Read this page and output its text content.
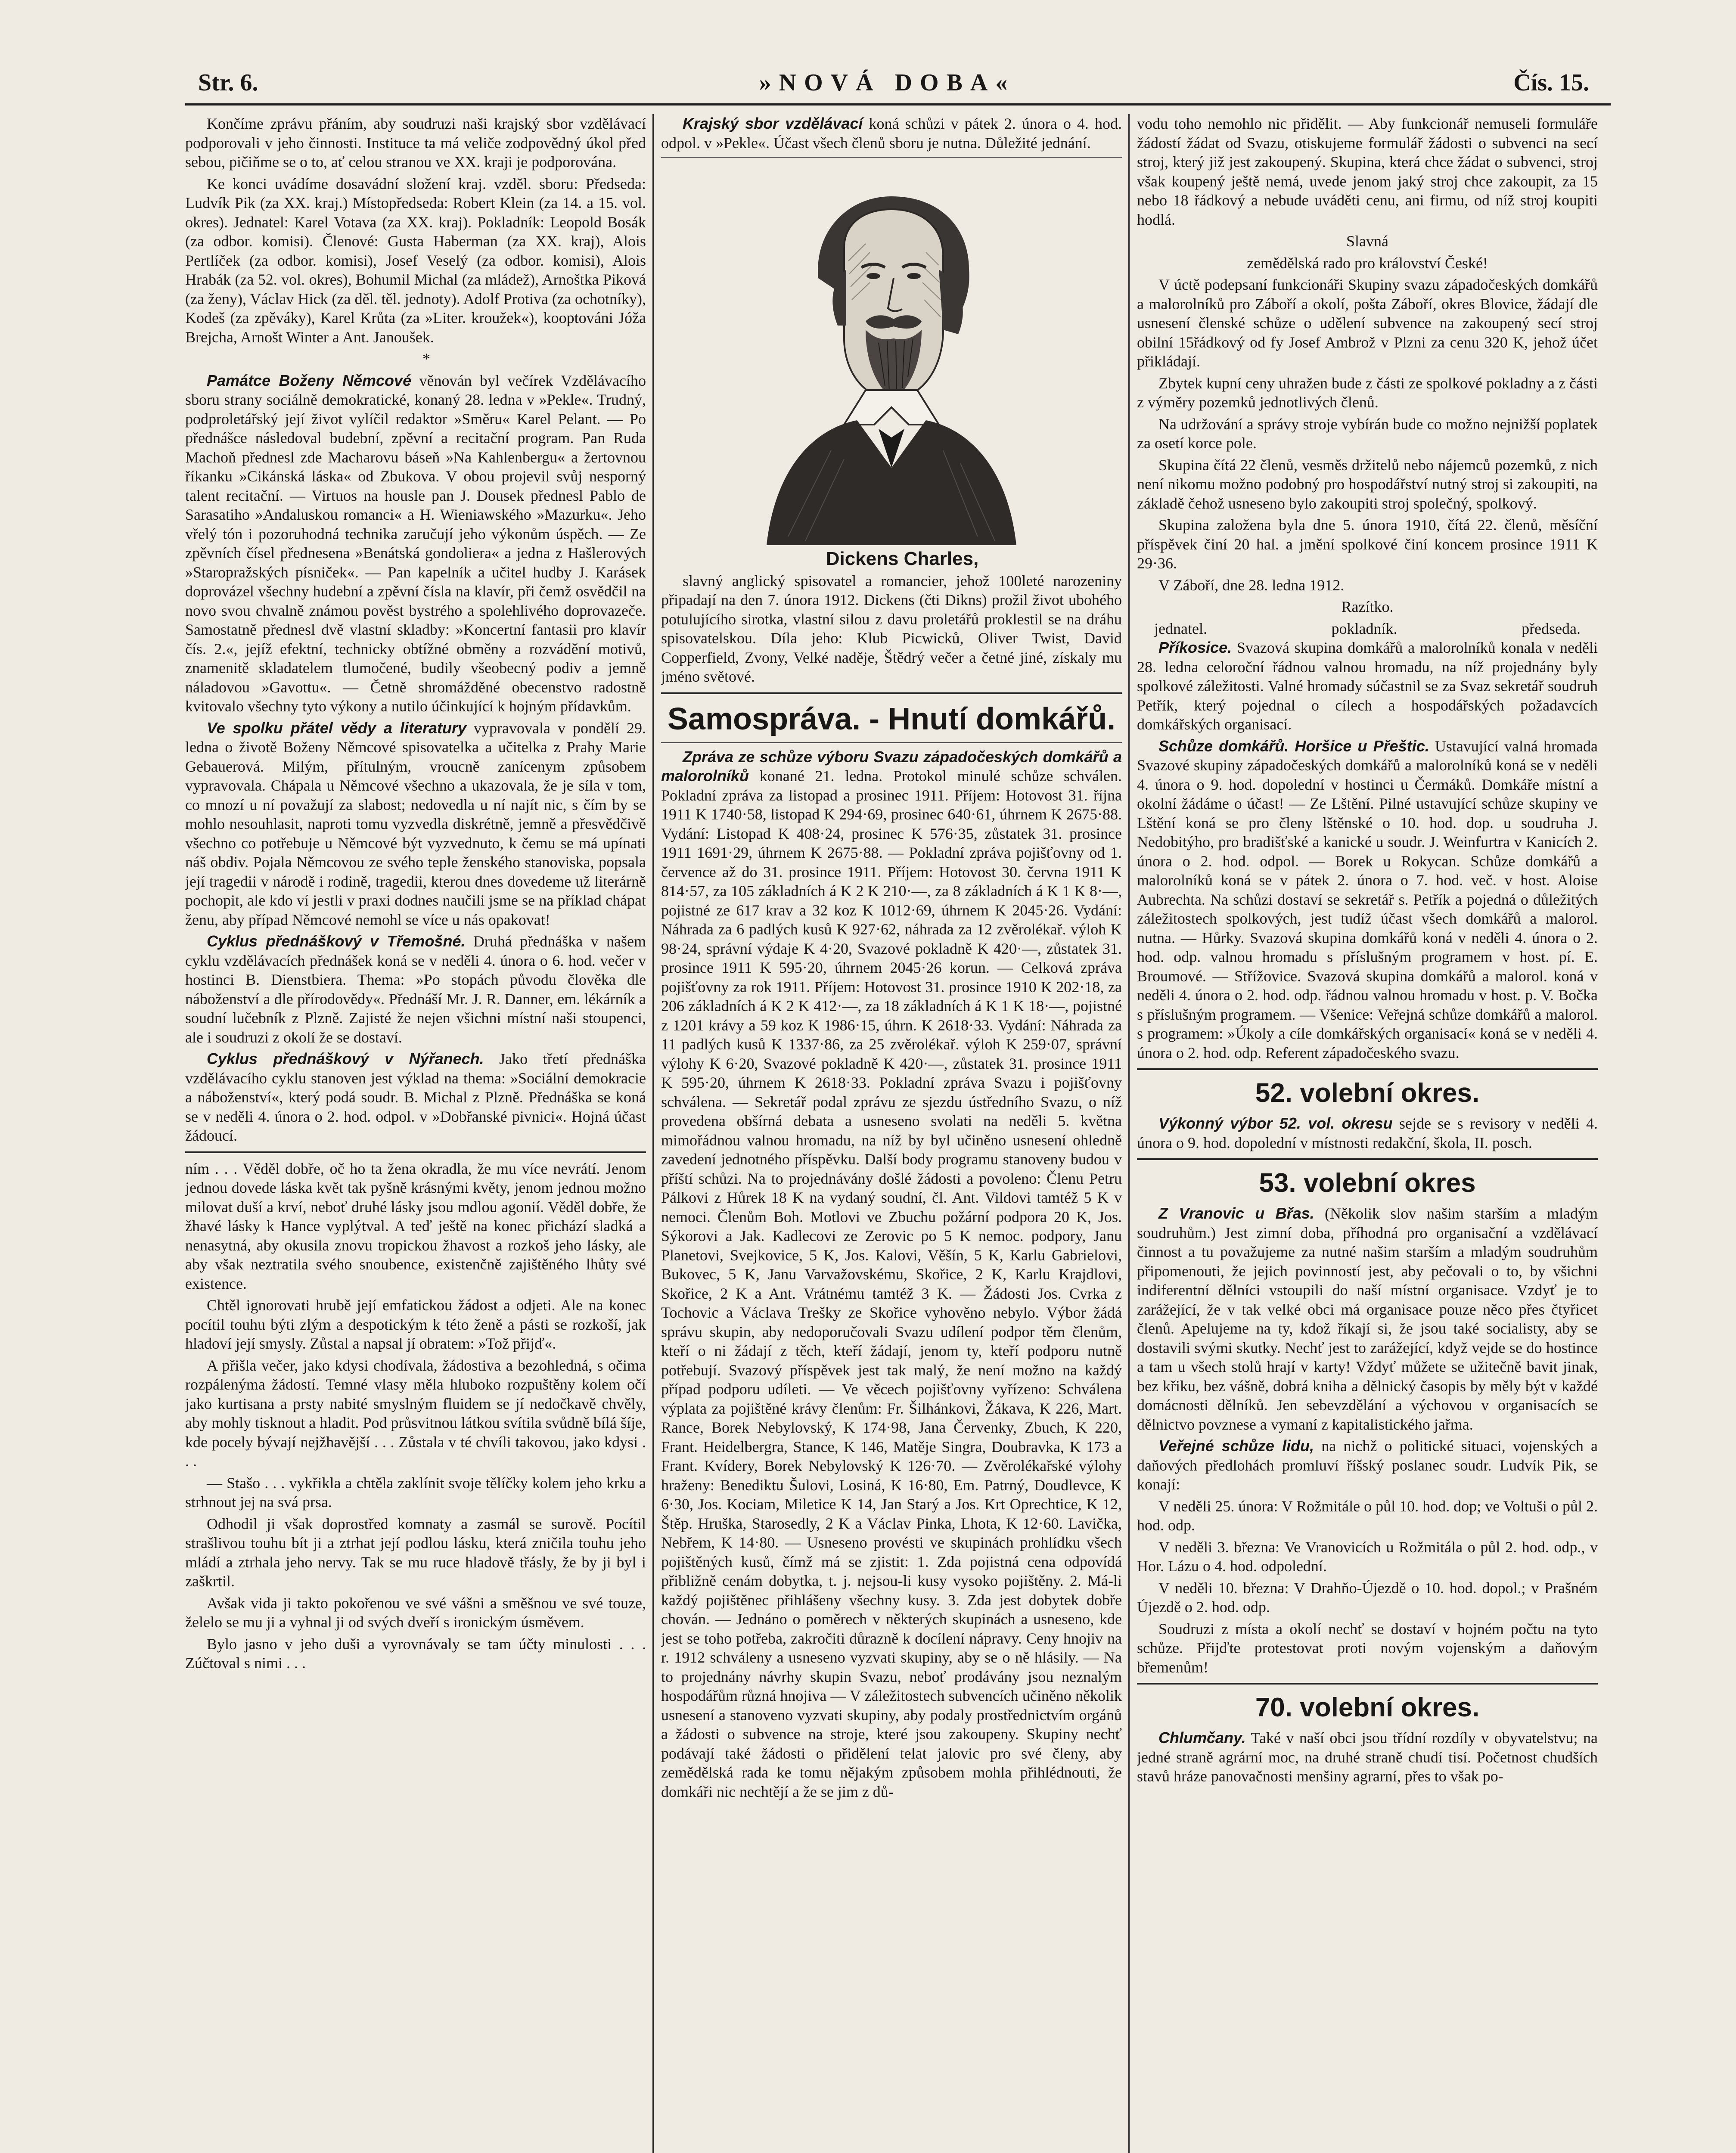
Str. 6.	»NOVÁ DOBA«	Čís. 15.

Končíme zprávu přáním, aby soudruzi naši krajský sbor vzdělávací podporovali v jeho činnosti. Instituce ta má veliče zodpovědný úkol před sebou, pičiňme se o to, ať celou stranou ve XX. kraji je podporována.

Ke konci uvádíme dosavádní složení kraj. vzděl. sboru: Předseda: Ludvík Pik (za XX. kraj.) Místopředseda: Robert Klein (za 14. a 15. vol. okres). Jednatel: Karel Votava (za XX. kraj). Pokladník: Leopold Bosák (za odbor. komisi). Členové: Gusta Haberman (za XX. kraj), Alois Pertlíček (za odbor. komisi), Josef Veselý (za odbor. komisi), Alois Hrabák (za 52. vol. okres), Bohumil Michal (za mládež), Arnoštka Piková (za ženy), Václav Hick (za děl. těl. jednoty). Adolf Protiva (za ochotníky), Kodeš (za zpěváky), Karel Krůta (za »Liter. kroužek«), kooptováni Jóža Brejcha, Arnošt Winter a Ant. Janoušek.

*

Památce Boženy Němcové věnován byl večírek Vzdělávacího sboru strany sociálně demokratické, konaný 28. ledna v »Pekle«. Trudný, podproletářský její život vylíčil redaktor »Směru« Karel Pelant. — Po přednášce následoval budební, zpěvní a recitační program. Pan Ruda Machoň přednesl zde Macharovu báseň »Na Kahlenbergu« a žertovnou říkanku »Cikánská láska« od Zbukova. V obou projevil svůj nesporný talent recitační. — Virtuos na housle pan J. Dousek přednesl Pablo de Sarasatiho »Andaluskou romanci« a H. Wieniawského »Mazurku«. Jeho vřelý tón i pozoruhodná technika zaručují jeho výkonům úspěch. — Ze zpěvních čísel přednesena »Benátská gondoliera« a jedna z Hašlerových »Staropražských písniček«. — Pan kapelník a učitel hudby J. Karásek doprovázel všechny hudební a zpěvní čísla na klavír, při čemž osvědčil na novo svou chvalně známou pověst bystrého a spolehlivého doprovazeče. Samostatně přednesl dvě vlastní skladby: »Koncertní fantasii pro klavír čís. 2.«, jejíž efektní, technicky obtížné obměny a rozvádění motivů, znamenitě skladatelem tlumočené, budily všeobecný podiv a jemně náladovou »Gavottu«. — Četně shromážděné obecenstvo radostně kvitovalo všechny tyto výkony a nutilo účinkující k hojným přídavkům.

Ve spolku přátel vědy a literatury vypravovala v pondělí 29. ledna o životě Boženy Němcové spisovatelka a učitelka z Prahy Marie Gebauerová. Milým, přítulným, vroucně zanícenym způsobem vypravovala. Chápala u Němcové všechno a ukazovala, že je síla v tom, co mnozí u ní považují za slabost; nedovedla u ní najít nic, s čím by se mohlo nesouhlasit, naproti tomu vyzvedla diskrétně, jemně a přesvědčivě všechno co potřebuje u Němcové být vyzvednuto, k čemu se má upínati náš obdiv. Pojala Němcovou ze svého teple ženského stanoviska, popsala její tragedii v národě i rodině, tragedii, kterou dnes dovedeme už literárně pochopit, ale kdo ví jestli v praxi dodnes naučili jsme se na příklad chápat ženu, aby případ Němcové nemohl se více u nás opakovat!

Cyklus přednáškový v Třemošné. Druhá přednáška v našem cyklu vzdělávacích přednášek koná se v neděli 4. února o 6. hod. večer v hostinci B. Dienstbiera. Thema: »Po stopách původu člověka dle náboženství a dle přírodovědy«. Přednáší Mr. J. R. Danner, em. lékárník a soudní lučebník z Plzně. Zajisté že nejen všichni místní naši stoupenci, ale i soudruzi z okolí že se dostaví.

Cyklus přednáškový v Nýřanech. Jako třetí přednáška vzdělávacího cyklu stanoven jest výklad na thema: »Sociální demokracie a náboženství«, který podá soudr. B. Michal z Plzně. Přednáška se koná se v neděli 4. února o 2. hod. odpol. v »Dobřanské pivnici«. Hojná účast žádoucí.

ním . . . Věděl dobře, oč ho ta žena okradla, že mu více nevrátí. Jenom jednou dovede láska květ tak pyšně krásnými květy, jenom jednou možno milovat duší a krví, neboť druhé lásky jsou mdlou agonií. Věděl dobře, že žhavé lásky k Hance vyplýtval. A teď ještě na konec přichází sladká a nenasytná, aby okusila znovu tropickou žhavost a rozkoš jeho lásky, ale aby však neztratila svého snoubence, existenčně zajištěného lhůty své existence.

Chtěl ignorovati hrubě její emfatickou žádost a odjeti. Ale na konec pocítil touhu býti zlým a despotickým k této ženě a pásti se rozkoší, jak hladoví její smysly. Zůstal a napsal jí obratem: »Tož přijď«.

A přišla večer, jako kdysi chodívala, žádostiva a bezohledná, s očima rozpálenýma žádostí. Temné vlasy měla hluboko rozpuštěny kolem očí jako kurtisana a prsty nabité smyslným fluidem se jí nedočkavě chvěly, aby mohly tisknout a hladit. Pod průsvitnou látkou svítila svůdně bílá šíje, kde pocely bývají nejžhavější . . . Zůstala v té chvíli takovou, jako kdysi . . .

— Stašo . . . vykřikla a chtěla zaklínit svoje tělíčky kolem jeho krku a strhnout jej na svá prsa.

Odhodil ji však doprostřed komnaty a zasmál se surově. Pocítil strašlivou touhu bít ji a ztrhat její podlou lásku, která zničila touhu jeho mládí a ztrhala jeho nervy. Tak se mu ruce hladově třásly, že by ji byl i zaškrtil.

Avšak vida ji takto pokořenou ve své vášni a směšnou ve své touze, želelo se mu ji a vyhnal ji od svých dveří s ironickým úsměvem.

Bylo jasno v jeho duši a vyrovnávaly se tam účty minulosti . . . Zúčtoval s nimi . . .

Krajský sbor vzdělávací koná schůzi v pátek 2. února o 4. hod. odpol. v »Pekle«. Účast všech členů sboru je nutna. Důležité jednání.

Dickens Charles,

slavný anglický spisovatel a romancier, jehož 100leté narozeniny připadají na den 7. února 1912. Dickens (čti Dikns) prožil život ubohého potulujícího sirotka, vlastní silou z davu proletářů proklestil se na dráhu spisovatelskou. Díla jeho: Klub Picwicků, Oliver Twist, David Copperfield, Zvony, Velké naděje, Štědrý večer a četné jiné, získaly mu jméno světové.

Samospráva. - Hnutí domkářů.

Zpráva ze schůze výboru Svazu západočeských domkářů a malorolníků konané 21. ledna. Protokol minulé schůze schválen. Pokladní zpráva za listopad a prosinec 1911. Příjem: Hotovost 31. října 1911 K 1740·58, listopad K 294·69, prosinec 640·61, úhrnem K 2675·88. Vydání: Listopad K 408·24, prosinec K 576·35, zůstatek 31. prosince 1911 1691·29, úhrnem K 2675·88. — Pokladní zpráva pojišťovny od 1. července až do 31. prosince 1911. Příjem: Hotovost 30. června 1911 K 814·57, za 105 základních á K 2 K 210·—, za 8 základních á K 1 K 8·—, pojistné ze 617 krav a 32 koz K 1012·69, úhrnem K 2045·26. Vydání: Náhrada za 6 padlých kusů K 927·62, náhrada za 12 zvěrolékař. výloh K 98·24, správní výdaje K 4·20, Svazové pokladně K 420·—, zůstatek 31. prosince 1911 K 595·20, úhrnem 2045·26 korun. — Celková zpráva pojišťovny za rok 1911. Příjem: Hotovost 31. prosince 1910 K 202·18, za 206 základních á K 2 K 412·—, za 18 základních á K 1 K 18·—, pojistné z 1201 krávy a 59 koz K 1986·15, úhrn. K 2618·33. Vydání: Náhrada za 11 padlých kusů K 1337·86, za 25 zvěrolékař. výloh K 259·07, správní výlohy K 6·20, Svazové pokladně K 420·—, zůstatek 31. prosince 1911 K 595·20, úhrnem K 2618·33. Pokladní zpráva Svazu i pojišťovny schválena. — Sekretář podal zprávu ze sjezdu ústředního Svazu, o níž provedena obšírná debata a usneseno svolati na neděli 5. května mimořádnou valnou hromadu, na níž by byl učiněno usnesení ohledně zavedení jednotného příspěvku. Další body programu stanoveny budou v příští schůzi. Na to projednávány došlé žádosti a povoleno: Členu Petru Pálkovi z Hůrek 18 K na vydaný soudní, čl. Ant. Vildovi tamtéž 5 K v nemoci. Členům Boh. Motlovi ve Zbuchu požární podpora 20 K, Jos. Sýkorovi a Jak. Kadlecovi ze Zerovic po 5 K nemoc. podpory, Janu Planetovi, Svejkovice, 5 K, Jos. Kalovi, Věšín, 5 K, Karlu Gabrielovi, Bukovec, 5 K, Janu Varvažovskému, Skořice, 2 K, Karlu Krajdlovi, Skořice, 2 K a Ant. Vrátnému tamtéž 3 K. — Žádosti Jos. Cvrka z Tochovic a Václava Trešky ze Skořice vyhověno nebylo. Výbor žádá správu skupin, aby nedoporučovali Svazu udílení podpor těm členům, kteří o ni žádají z těch, kteří žádají, jenom ty, kteří podporu nutně potřebují. Svazový příspěvek jest tak malý, že není možno na každý případ podporu udíleti. — Ve věcech pojišťovny vyřízeno: Schválena výplata za pojištěné krávy členům: Fr. Šilhánkovi, Žákava, K 226, Mart. Rance, Borek Nebylovský, K 174·98, Jana Červenky, Zbuch, K 220, Frant. Heidelbergra, Stance, K 146, Matěje Singra, Doubravka, K 173 a Frant. Kvídery, Borek Nebylovský K 126·70. — Zvěrolékařské výlohy hraženy: Benediktu Šulovi, Losiná, K 16·80, Em. Patrný, Doudlevce, K 6·30, Jos. Kociam, Miletice K 14, Jan Starý a Jos. Krt Oprechtice, K 12, Štěp. Hruška, Starosedly, 2 K a Václav Pinka, Lhota, K 12·60. Lavička, Nebřem, K 14·80. — Usneseno provésti ve skupinách prohlídku všech pojištěných kusů, čímž má se zjistit: 1. Zda pojistná cena odpovídá přibližně cenám dobytka, t. j. nejsou-li kusy vysoko pojištěny. 2. Má-li každý pojištěnec přihlášeny všechny kusy. 3. Zda jest dobytek dobře chován. — Jednáno o poměrech v některých skupinách a usneseno, kde jest se toho potřeba, zakročiti důrazně k docílení nápravy. Ceny hnojiv na r. 1912 schváleny a usneseno vyzvati skupiny, aby se o ně hlásily. — Na to projednány návrhy skupin Svazu, neboť prodávány jsou neznalým hospodářům různá hnojiva — V záležitostech subvencích učiněno několik usnesení a stanoveno vyzvati skupiny, aby podaly prostřednictvím orgánů a žádosti o subvence na stroje, které jsou zakoupeny. Skupiny nechť podávají také žádosti o přidělení telat jalovic pro své členy, aby zemědělská rada ke tomu nějakým způsobem mohla přihlédnouti, že domkáři nic nechtějí a že se jim z dů-

vodu toho nemohlo nic přidělit. — Aby funkcionář nemuseli formuláře žádostí žádat od Svazu, otiskujeme formulář žádosti o subvenci na secí stroj, který již jest zakoupený. Skupina, která chce žádat o subvenci, stroj však koupený ještě nemá, uvede jenom jaký stroj chce zakoupit, za 15 nebo 18 řádkový a nebude uváděti cenu, ani firmu, od níž stroj koupiti hodlá.

Slavná

zemědělská rado pro království České!

V úctě podepsaní funkcionáři Skupiny svazu západočeských domkářů a malorolníků pro Záboří a okolí, pošta Záboří, okres Blovice, žádají dle usnesení členské schůze o udělení subvence na zakoupený secí stroj obilní 15řádkový od fy Josef Ambrož v Plzni za cenu 320 K, jehož účet přikládají.

Zbytek kupní ceny uhražen bude z části ze spolkové pokladny a z části z výměry pozemků jednotlivých členů.

Na udržování a správy stroje vybírán bude co možno nejnižší poplatek za osetí korce pole.

Skupina čítá 22 členů, vesměs držitelů nebo nájemců pozemků, z nich není nikomu možno podobný pro hospodářství nutný stroj si zakoupiti, na základě čehož usneseno bylo zakoupiti stroj společný, spolkový.

Skupina založena byla dne 5. února 1910, čítá 22. členů, měsíční příspěvek činí 20 hal. a jmění spolkové činí koncem prosince 1911 K 29·36.

V Záboří, dne 28. ledna 1912.

Razítko.

jednatel.	pokladník.	předseda.

Příkosice. Svazová skupina domkářů a malorolníků konala v neděli 28. ledna celoroční řádnou valnou hromadu, na níž projednány byly spolkové záležitosti. Valné hromady súčastnil se za Svaz sekretář soudruh Petřík, který pojednal o cílech a hospodářských požadavcích domkářských organisací.

Schůze domkářů. Horšice u Přeštic. Ustavující valná hromada Svazové skupiny západočeských domkářů a malorolníků koná se v neděli 4. února o 9. hod. dopolední v hostinci u Čermáků. Domkáře místní a okolní žádáme o účast! — Ze Lštění. Pilné ustavující schůze skupiny ve Lštění koná se pro členy lštěnské o 10. hod. dop. u soudruha J. Nedobitýho, pro bradišťské a kanické u soudr. J. Weinfurtra v Kanicích 2. února o 2. hod. odpol. — Borek u Rokycan. Schůze domkářů a malorolníků koná se v pátek 2. února o 7. hod. več. v host. Aloise Aubrechta. Na schůzi dostaví se sekretář s. Petřík a pojedná o důležitých záležitostech spolkových, jest tudíž účast všech domkářů a malorol. nutna. — Hůrky. Svazová skupina domkářů koná v neděli 4. února o 2. hod. odp. valnou hromadu s příslušným programem v host. pí. E. Broumové. — Střížovice. Svazová skupina domkářů a malorol. koná v neděli 4. února o 2. hod. odp. řádnou valnou hromadu v host. p. V. Bočka s příslušným programem. — Všenice: Veřejná schůze domkářů a malorol. s programem: »Úkoly a cíle domkářských organisací« koná se v neděli 4. února o 2. hod. odp. Referent západočeského svazu.

52. volební okres.

Výkonný výbor 52. vol. okresu sejde se s revisory v neděli 4. února o 9. hod. dopolední v místnosti redakční, škola, II. posch.

53. volební okres

Z Vranovic u Břas. (Několik slov našim starším a mladým soudruhům.) Jest zimní doba, příhodná pro organisační a vzdělávací činnost a tu považujeme za nutné našim starším a mladým soudruhům připomenouti, že jejich povinností jest, aby pečovali o to, by všichni indiferentní dělníci vstoupili do naší místní organisace. Vzdyť je to zarážející, že v tak velké obci má organisace pouze něco přes čtyřicet členů. Apelujeme na ty, kdož říkají si, že jsou také socialisty, aby se dostavili svými skutky. Nechť jest to zarážející, když vejde se do hostince a tam u všech stolů hrají v karty! Vždyť můžete se užitečně bavit jinak, bez křiku, bez vášně, dobrá kniha a dělnický časopis by měly být v každé domácnosti dělníků. Jen sebevzdělání a výchovou v organisacích se dělnictvo povznese a vymaní z kapitalistického jařma.

Veřejné schůze lidu, na nichž o politické situaci, vojenských a daňových předlohách promluví říšský poslanec soudr. Ludvík Pik, se konají:

V neděli 25. února: V Rožmitále o půl 10. hod. dop; ve Voltuši o půl 2. hod. odp.

V neděli 3. března: Ve Vranovicích u Rožmitála o půl 2. hod. odp., v Hor. Lázu o 4. hod. odpolední.

V neděli 10. března: V Drahňo-Újezdě o 10. hod. dopol.; v Prašném Újezdě o 2. hod. odp.

Soudruzi z místa a okolí nechť se dostaví v hojném počtu na tyto schůze. Přijďte protestovat proti novým vojenským a daňovým břemenům!

70. volební okres.

Chlumčany. Také v naší obci jsou třídní rozdíly v obyvatelstvu; na jedné straně agrární moc, na druhé straně chudí tisí. Početnost chudších stavů hráze panovačnosti menšiny agrarní, přes to však po-
